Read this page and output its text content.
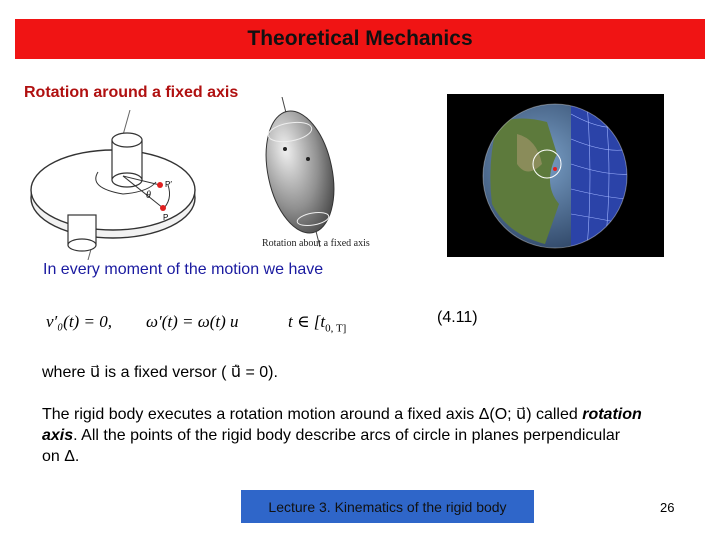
Theoretical Mechanics
Rotation around a fixed axis
P′
P
θ
Rotation about a fixed axis
In every moment of the motion we have
(4.11)
v′₀(t) = 0, ω′(t) = ω(t) u⃗ t ∈ [$t_{0, T]}$
where u⃗ is a fixed versor ( u̇⃗ = 0).
The rigid body executes a rotation motion around a fixed axis Δ(O; u⃗) called rotation axis. All the points of the rigid body describe arcs of circle in planes perpendicular on Δ.
Lecture 3. Kinematics of the rigid body	26
